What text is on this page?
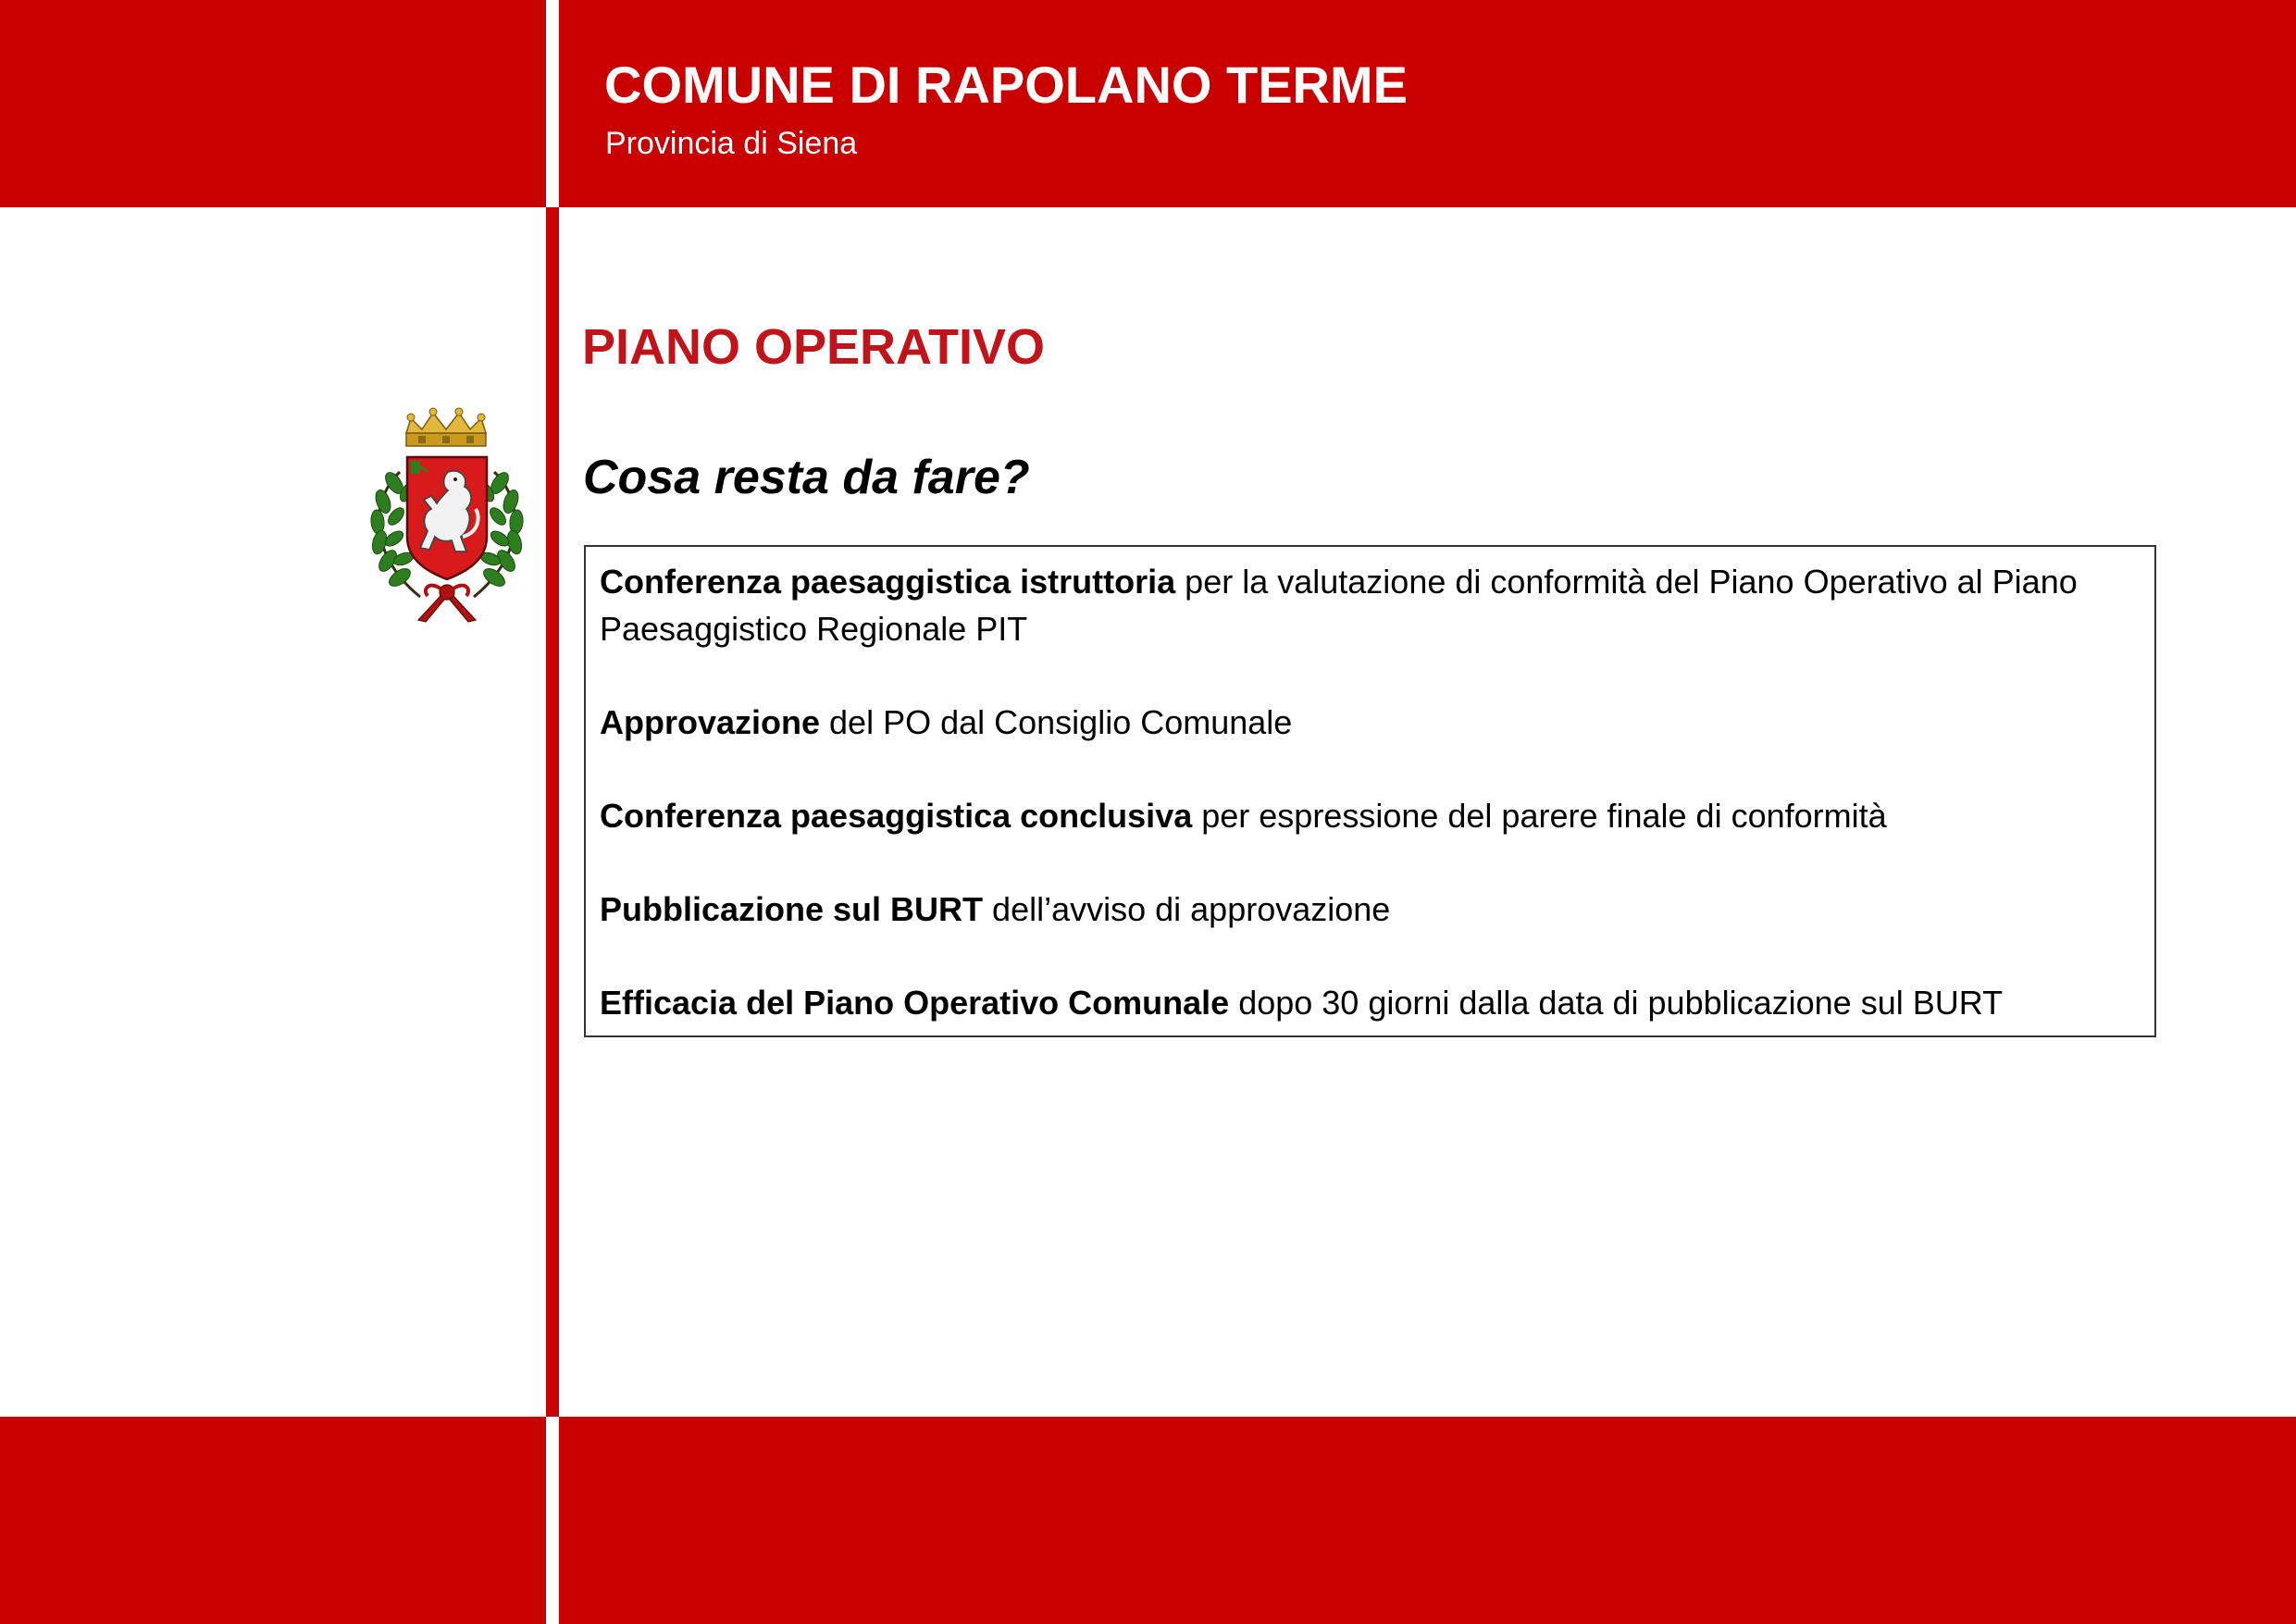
COMUNE DI RAPOLANO TERME
Provincia di Siena
PIANO OPERATIVO
Cosa resta da fare?

Conferenza paesaggistica istruttoria per la valutazione di conformità del Piano Operativo al Piano Paesaggistico Regionale PIT

Approvazione del PO dal Consiglio Comunale

Conferenza paesaggistica conclusiva per espressione del parere finale di conformità

Pubblicazione sul BURT dell’avviso di approvazione

Efficacia del Piano Operativo Comunale dopo 30 giorni dalla data di pubblicazione sul BURT
